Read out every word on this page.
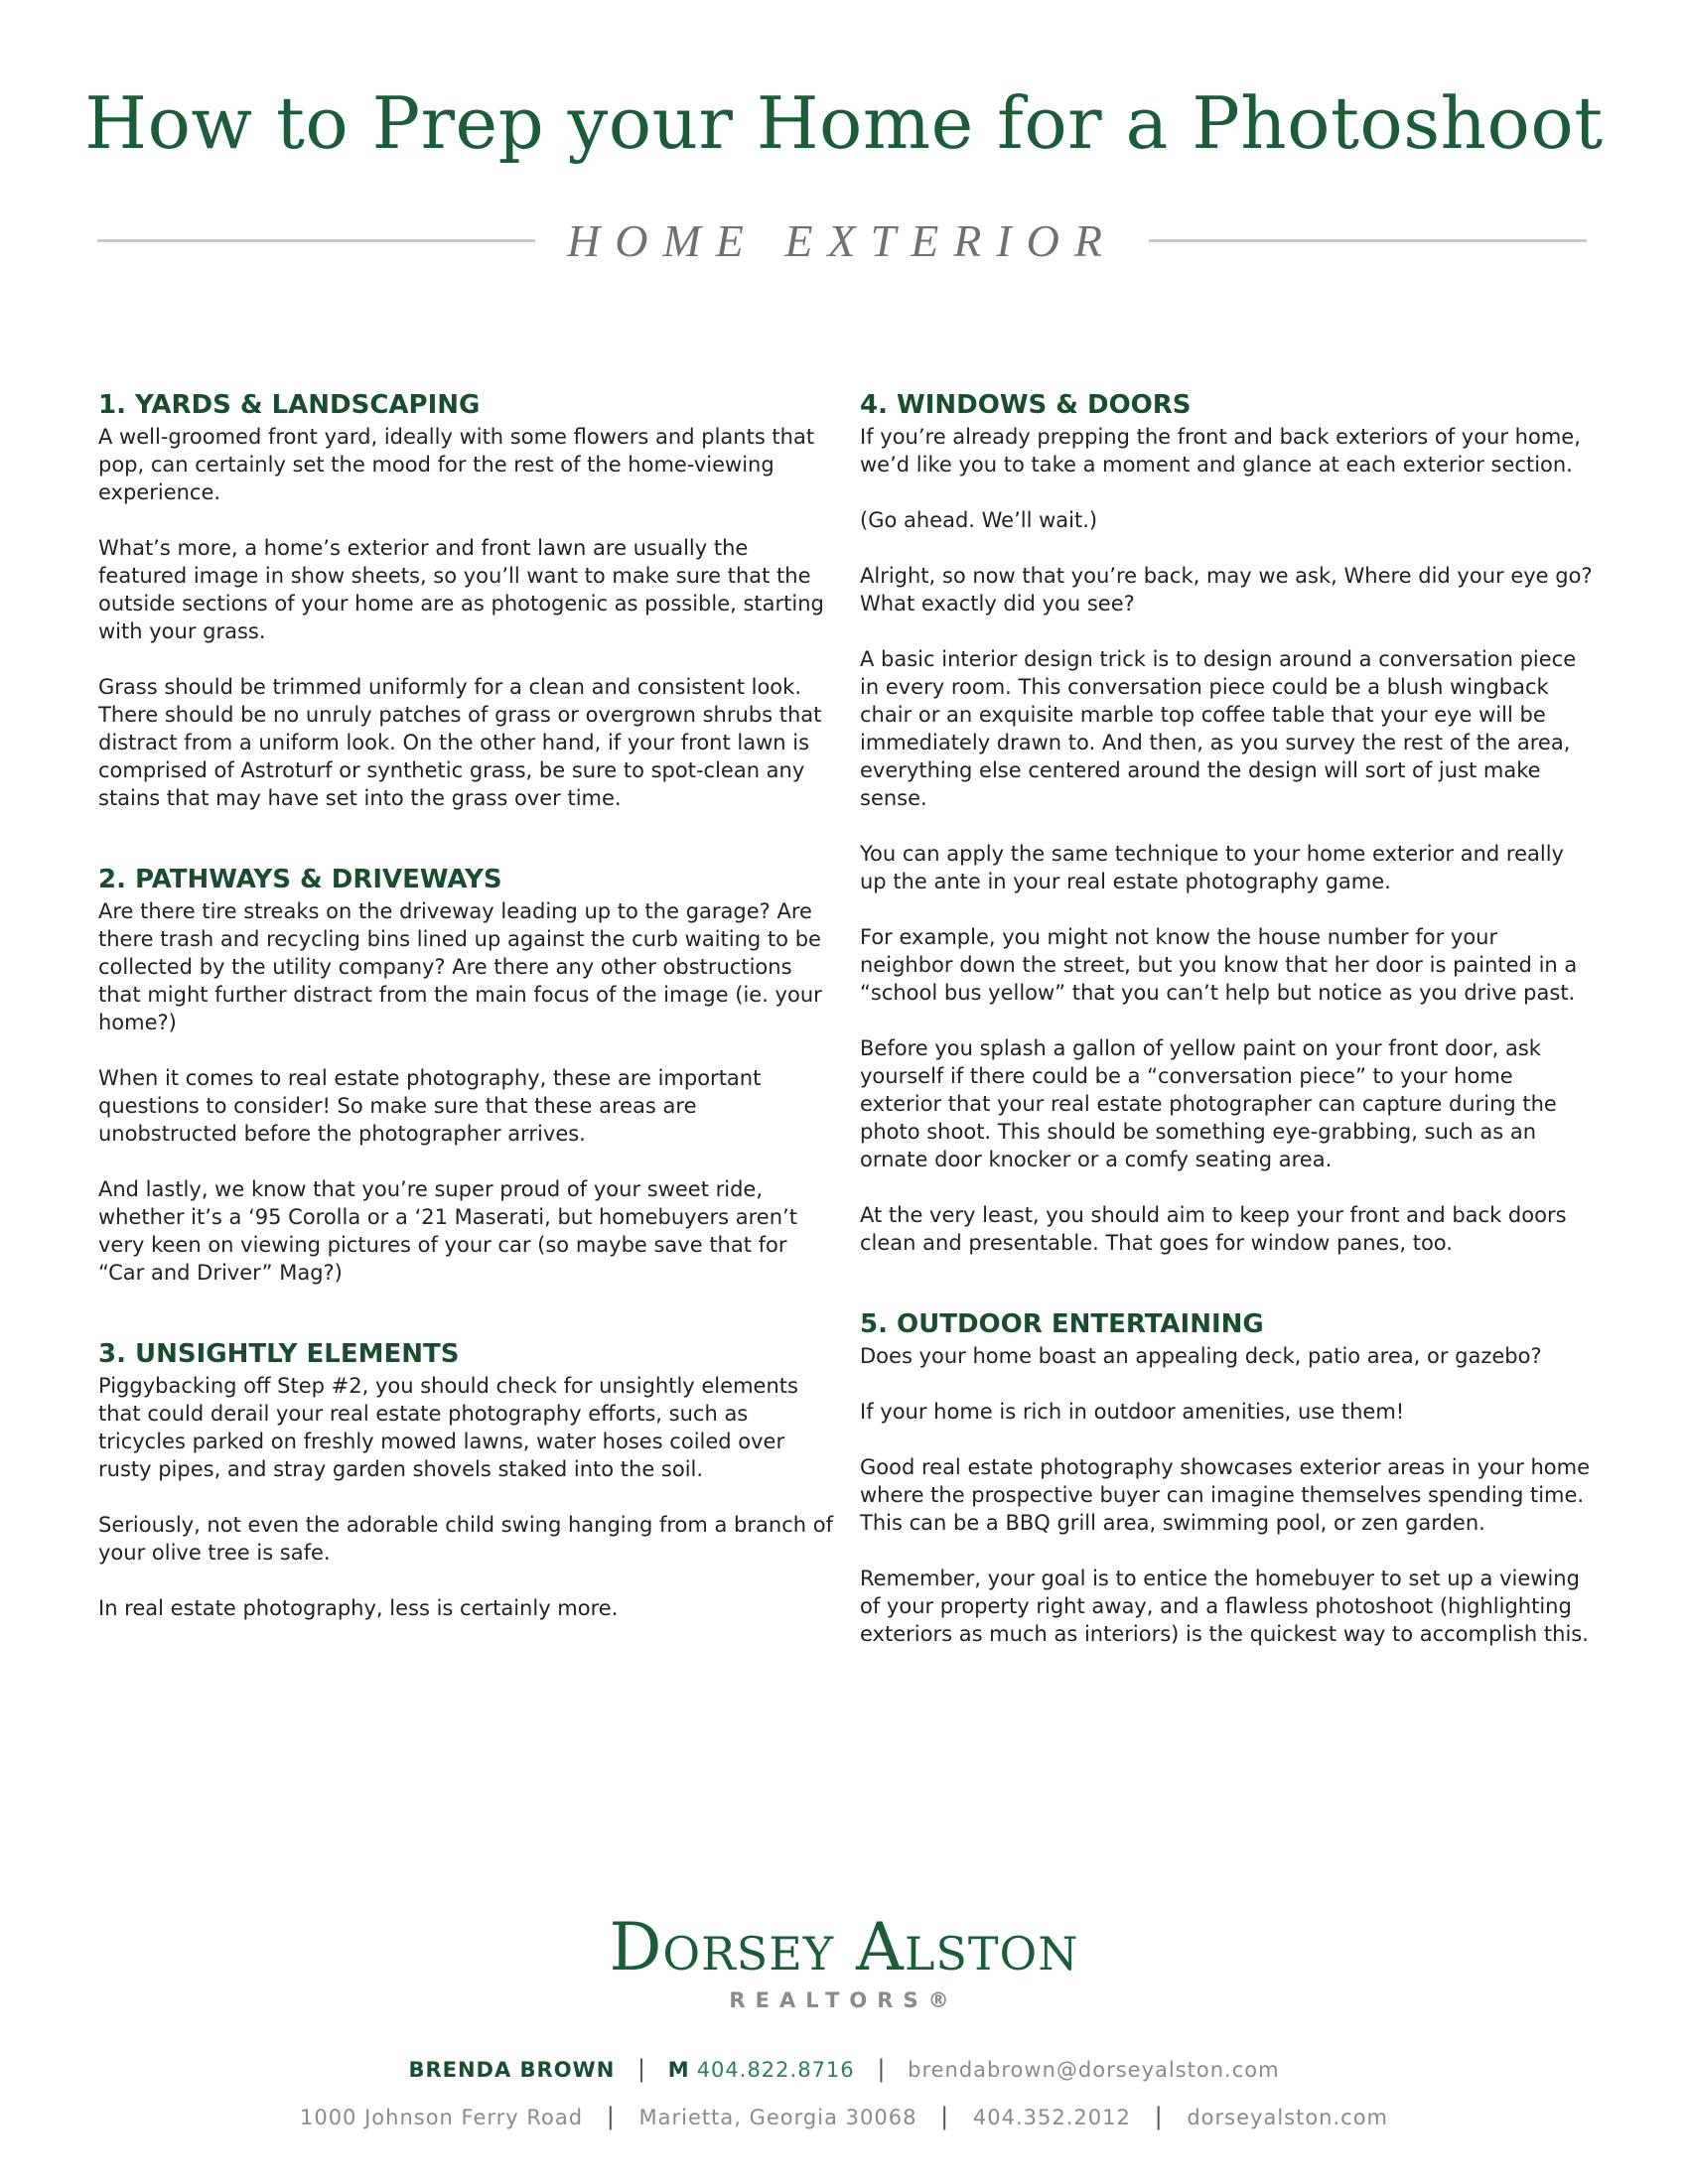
How to Prep your Home for a Photoshoot
HOME EXTERIOR
1. YARDS & LANDSCAPING

A well-groomed front yard, ideally with some flowers and plants that pop, can certainly set the mood for the rest of the home-viewing experience.

What’s more, a home’s exterior and front lawn are usually the featured image in show sheets, so you’ll want to make sure that the outside sections of your home are as photogenic as possible, starting with your grass.

Grass should be trimmed uniformly for a clean and consistent look. There should be no unruly patches of grass or overgrown shrubs that distract from a uniform look. On the other hand, if your front lawn is comprised of Astroturf or synthetic grass, be sure to spot-clean any stains that may have set into the grass over time.

2. PATHWAYS & DRIVEWAYS

Are there tire streaks on the driveway leading up to the garage? Are there trash and recycling bins lined up against the curb waiting to be collected by the utility company? Are there any other obstructions that might further distract from the main focus of the image (ie. your home?)

When it comes to real estate photography, these are important questions to consider! So make sure that these areas are unobstructed before the photographer arrives.

And lastly, we know that you’re super proud of your sweet ride, whether it’s a ‘95 Corolla or a ‘21 Maserati, but homebuyers aren’t very keen on viewing pictures of your car (so maybe save that for “Car and Driver” Mag?)

3. UNSIGHTLY ELEMENTS

Piggybacking off Step #2, you should check for unsightly elements that could derail your real estate photography efforts, such as tricycles parked on freshly mowed lawns, water hoses coiled over rusty pipes, and stray garden shovels staked into the soil.

Seriously, not even the adorable child swing hanging from a branch of your olive tree is safe.

In real estate photography, less is certainly more.

4. WINDOWS & DOORS

If you’re already prepping the front and back exteriors of your home, we’d like you to take a moment and glance at each exterior section.

(Go ahead. We’ll wait.)

Alright, so now that you’re back, may we ask, Where did your eye go? What exactly did you see?

A basic interior design trick is to design around a conversation piece in every room. This conversation piece could be a blush wingback chair or an exquisite marble top coffee table that your eye will be immediately drawn to. And then, as you survey the rest of the area, everything else centered around the design will sort of just make sense.

You can apply the same technique to your home exterior and really up the ante in your real estate photography game.

For example, you might not know the house number for your neighbor down the street, but you know that her door is painted in a “school bus yellow” that you can’t help but notice as you drive past.

Before you splash a gallon of yellow paint on your front door, ask yourself if there could be a “conversation piece” to your home exterior that your real estate photographer can capture during the photo shoot. This should be something eye-grabbing, such as an ornate door knocker or a comfy seating area.

At the very least, you should aim to keep your front and back doors clean and presentable. That goes for window panes, too.

5. OUTDOOR ENTERTAINING

Does your home boast an appealing deck, patio area, or gazebo?

If your home is rich in outdoor amenities, use them!

Good real estate photography showcases exterior areas in your home where the prospective buyer can imagine themselves spending time. This can be a BBQ grill area, swimming pool, or zen garden.

Remember, your goal is to entice the homebuyer to set up a viewing of your property right away, and a flawless photoshoot (highlighting exteriors as much as interiors) is the quickest way to accomplish this.

Dorsey Alston
REALTORS®
BRENDA BROWN | M 404.822.8716 | brendabrown@dorseyalston.com
1000 Johnson Ferry Road | Marietta, Georgia 30068 | 404.352.2012 | dorseyalston.com
